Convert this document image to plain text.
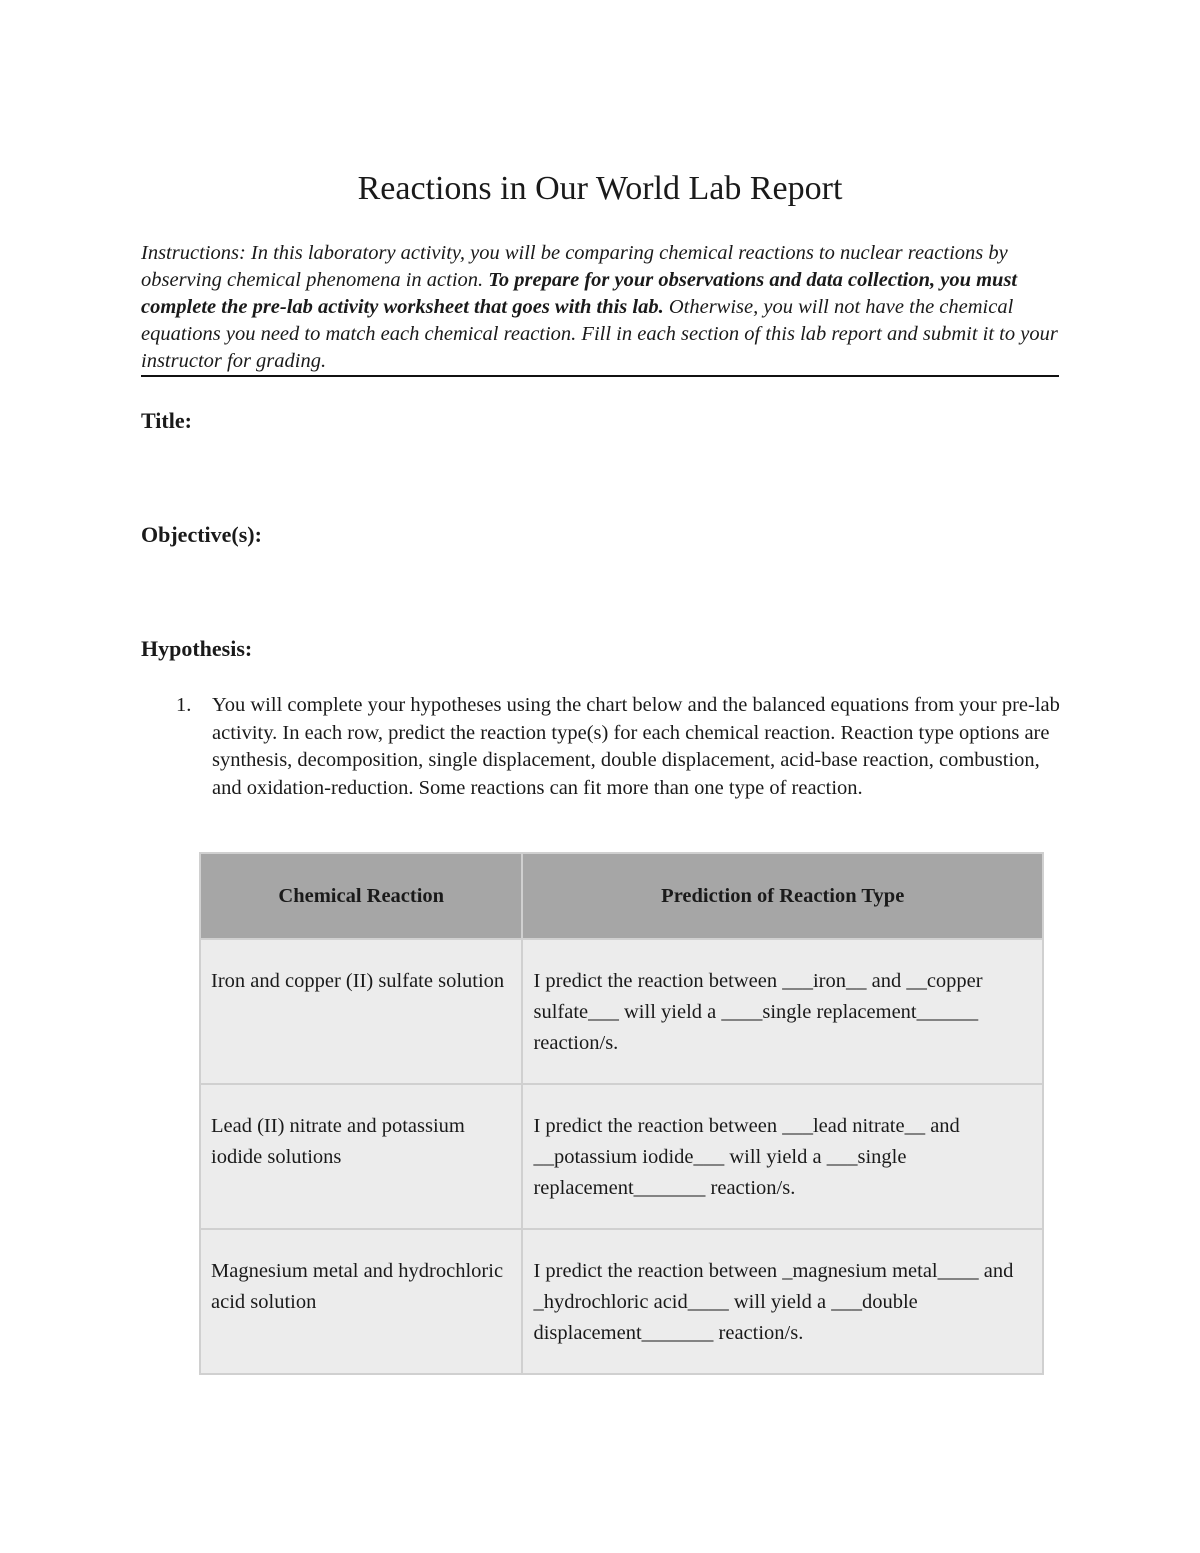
Reactions in Our World Lab Report

Instructions: In this laboratory activity, you will be comparing chemical reactions to nuclear reactions by observing chemical phenomena in action. To prepare for your observations and data collection, you must complete the pre-lab activity worksheet that goes with this lab. Otherwise, you will not have the chemical equations you need to match each chemical reaction. Fill in each section of this lab report and submit it to your instructor for grading.

Title:
Objective(s):
Hypothesis:
1. You will complete your hypotheses using the chart below and the balanced equations from your pre-lab activity. In each row, predict the reaction type(s) for each chemical reaction. Reaction type options are synthesis, decomposition, single displacement, double displacement, acid-base reaction, combustion, and oxidation-reduction. Some reactions can fit more than one type of reaction.
Chemical Reaction	Prediction of Reaction Type
Iron and copper (II) sulfate solution	I predict the reaction between ___iron__ and __copper sulfate___ will yield a ____single replacement______ reaction/s.
Lead (II) nitrate and potassium iodide solutions	I predict the reaction between ___lead nitrate__ and __potassium iodide___ will yield a ___single replacement_______ reaction/s.
Magnesium metal and hydrochloric acid solution	I predict the reaction between _magnesium metal____ and _hydrochloric acid____ will yield a ___double displacement_______ reaction/s.
